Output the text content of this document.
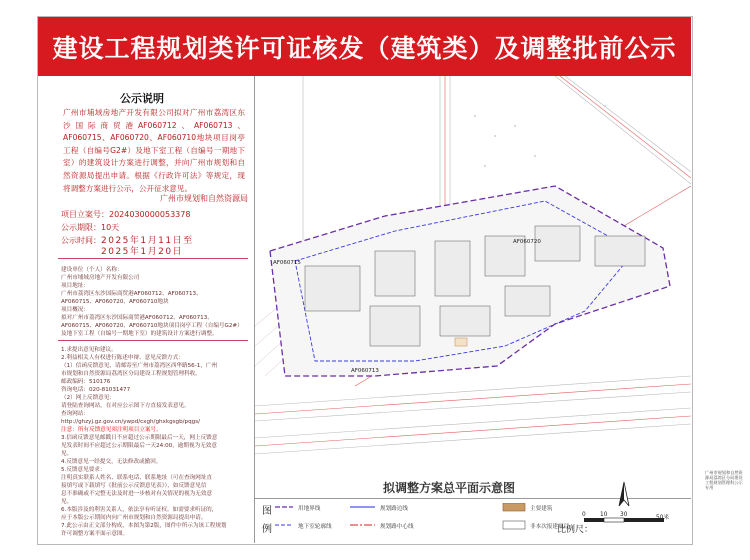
建设工程规划类许可证核发（建筑类）及调整批前公示
公示说明
广州市埔域房地产开发有限公司拟对广州市荔湾区东沙国际商贸港AF060712、AF060713、AF060715、AF060720、AF060710地块项目岗亭工程（自编号G2#）及地下室工程（自编号一期地下室）的建筑设计方案进行调整，并向广州市规划和自然资源局提出申请。根据《行政许可法》等规定，现将调整方案进行公示，公开征求意见。
广州市规划和自然资源局
项目立案号：2024030000053378
公示期限：10天
公示时间：2025年1月11日至
2025年1月20日
建设单位（个人）名称：
广州市埔域房地产开发有限公司
项目地址：
广州市荔湾区东沙国际商贸港AF060712、AF060713、
AF060715、AF060720、AF060710地块
项目概况：
拟对广州市荔湾区东沙国际商贸港AF060712、AF060713、
AF060715、AF060720、AF060710地块项目岗亭工程（自编号G2#）
及地下室工程（自编号一期地下室）的建筑设计方案进行调整。
1.求提出意见和建议。
2.利益相关人有权进行陈述申辩、意见反馈方式：
（1）信函反馈意见，请邮寄至广州市荔湾区西华路56-1，广州
市规划和自然资源局荔湾区分局建设工程规划管理科收。
邮政编码：510176
咨询电话：020-81031477
（2）网上反馈意见：
请登陆查询网站，在对应公示图下方直接发表意见。
查询网站：
http://ghzyj.gz.gov.cn/ywpd/cxgh/ghxkgsgb/pqgs/
注意：所有反馈意见须注明项目立案号。
3.信函反馈意见邮戳日不应超过公示期限最后一天，网上反馈意
见发表时间不应超过公示期限最后一天24:00，逾期视为无效意
见。
4.反馈意见一经提交，无法修改或撤回。
5.反馈意见要求：
注明真实联系人姓名、联系电话、联系地址（可在查询网址直
接填写或下载填写《批前公示反馈意见表》），如反馈意见信
息不准确或不完整无法及时进一步核对有关情况的视为无效意
见。
6.本版涉及的利害关系人，依法享有听证权。如需要求听证的，
应于本版公示期间内向广州市规划和自然资源局提出申请。
7.此公示由正文部分构成，本图为第2版，图件中所示为该工程规划
许可调整方案平面示意图。
AF060715
AF060720
AF060713
拟调整方案总平面示意图
图
例
用地界线	规划路边线	主要建筑
地下室轮廓线	规划路中心线	非本次报建项目
0 10 30	50米
比例尺：
广州市规划和自然资源局荔湾区分局建设工程规划管理科公示专用
